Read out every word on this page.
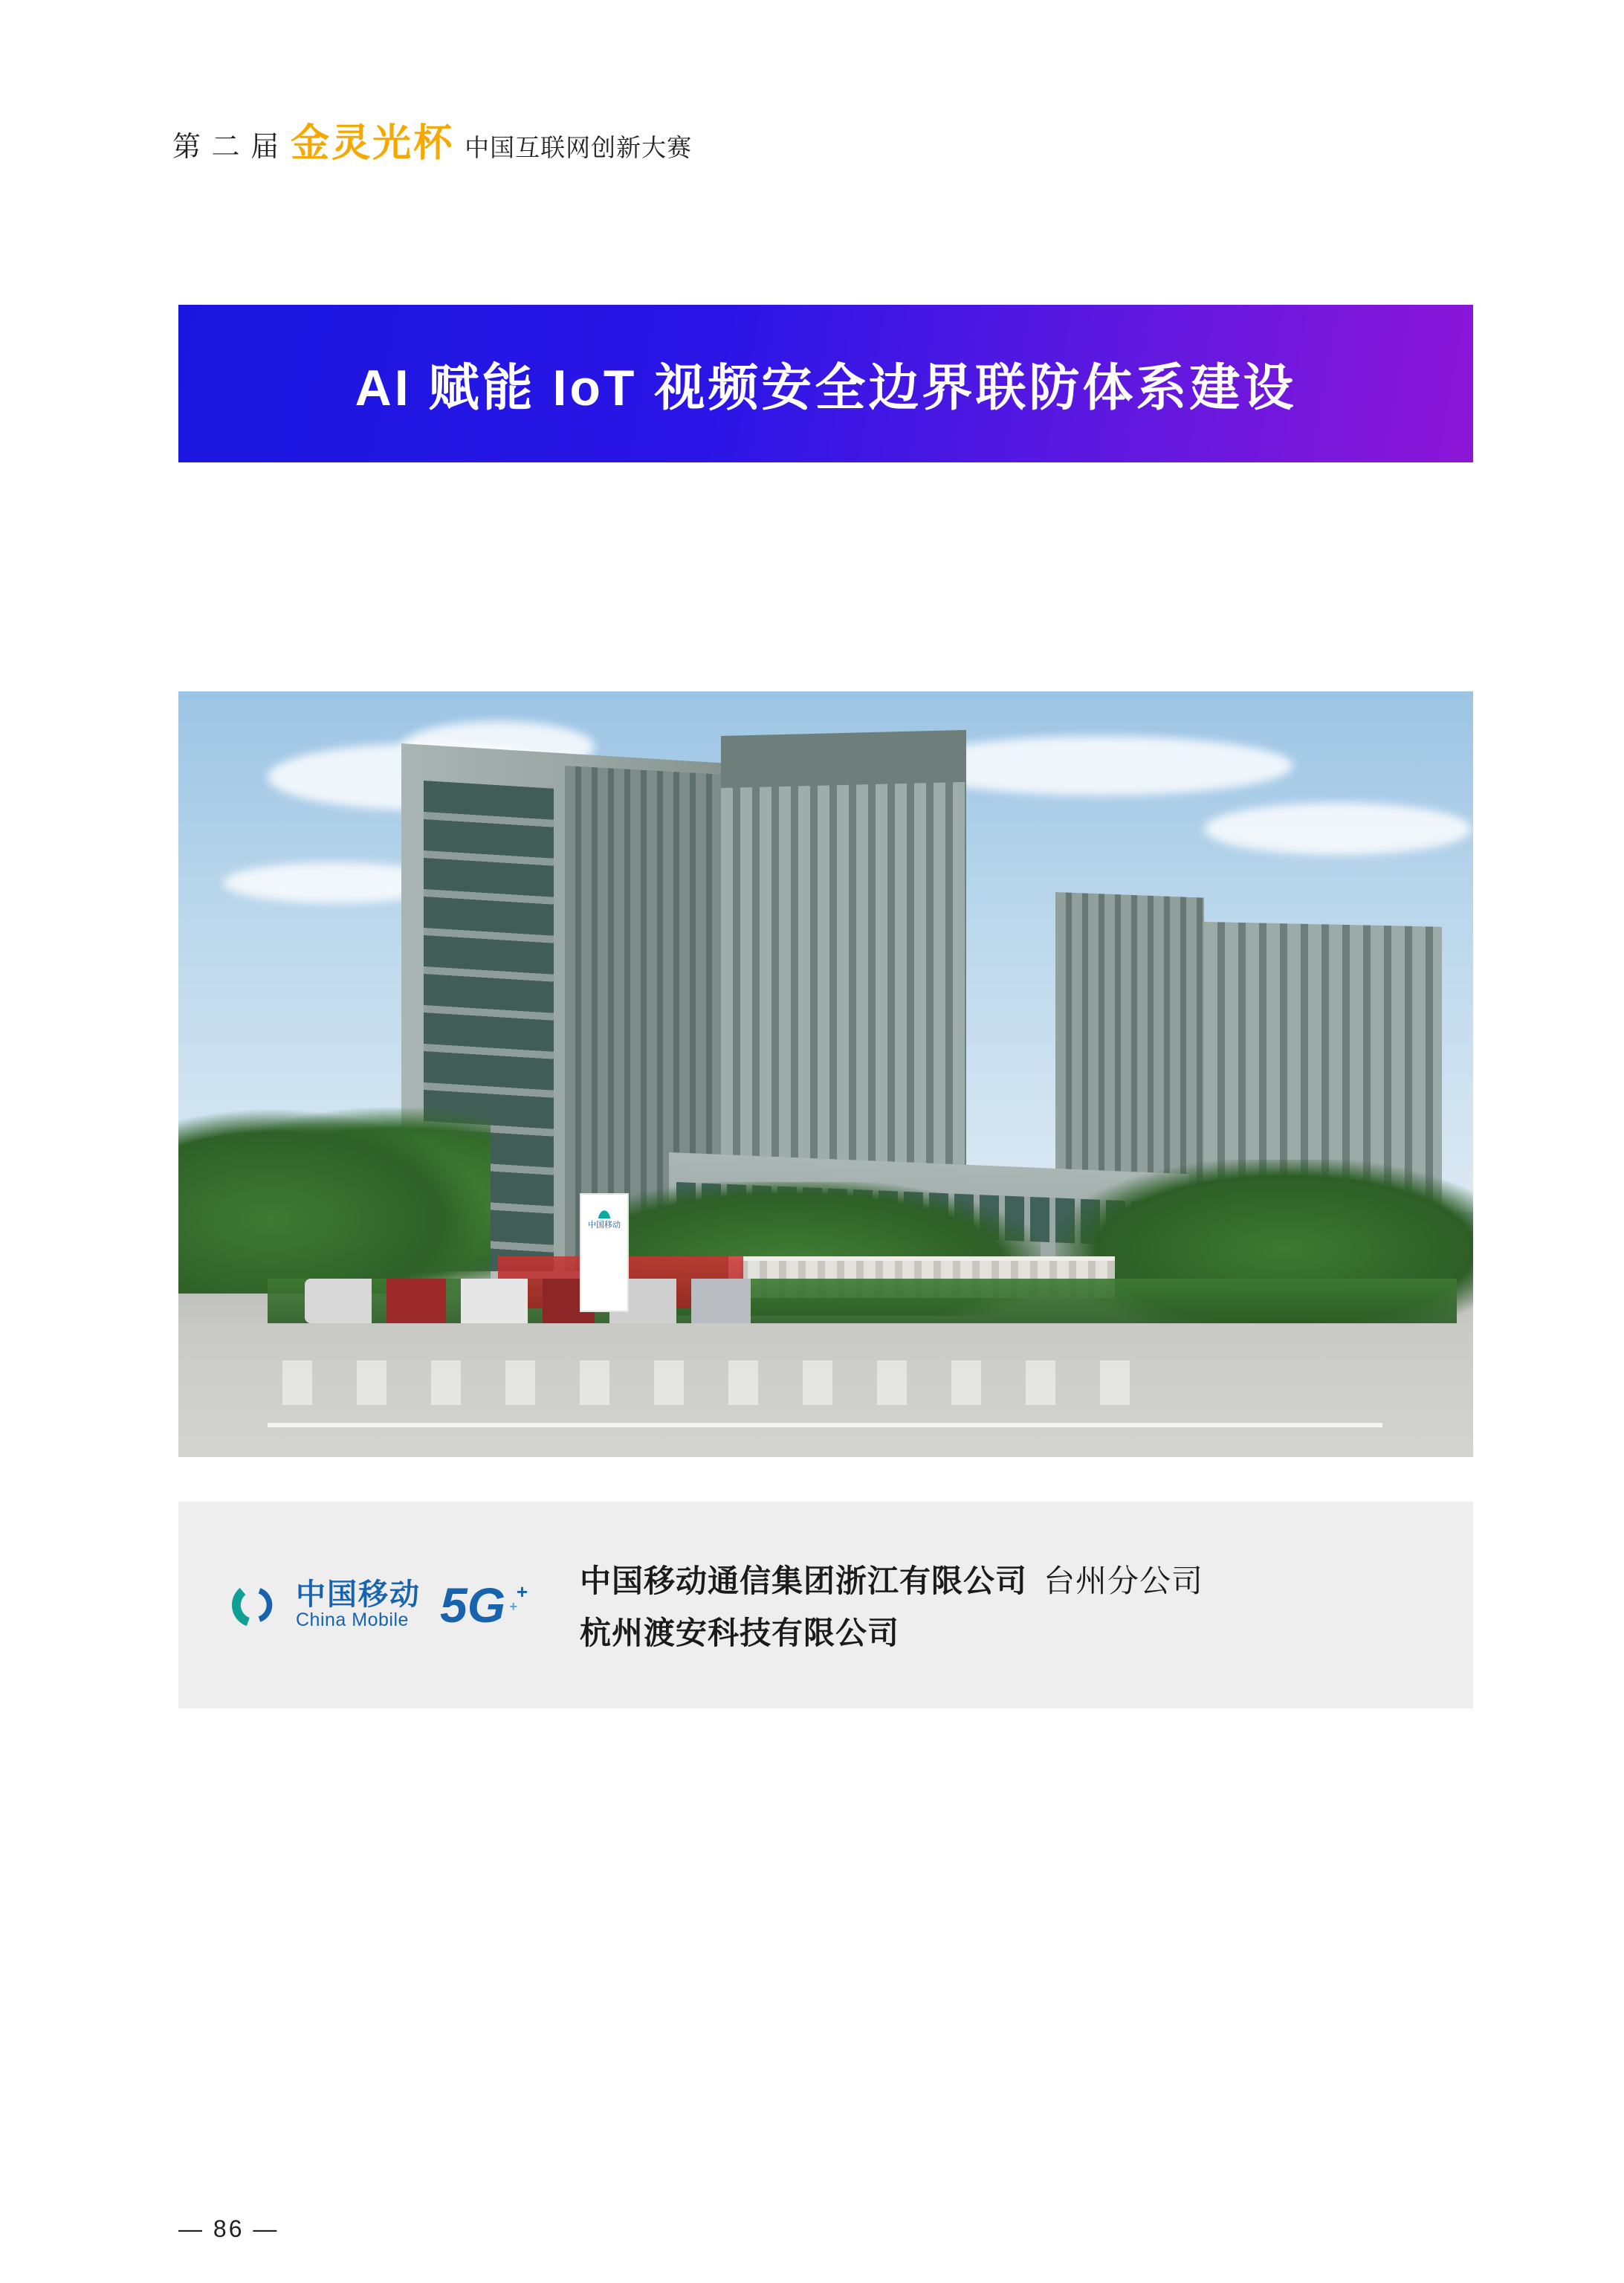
第 二 届 金灵光杯 中国互联网创新大赛
AI 赋能 IoT 视频安全边界联防体系建设
中国移动
中国移动
China Mobile 5G +
+
中国移动通信集团浙江有限公司 台州分公司
杭州渡安科技有限公司
— 86 —
